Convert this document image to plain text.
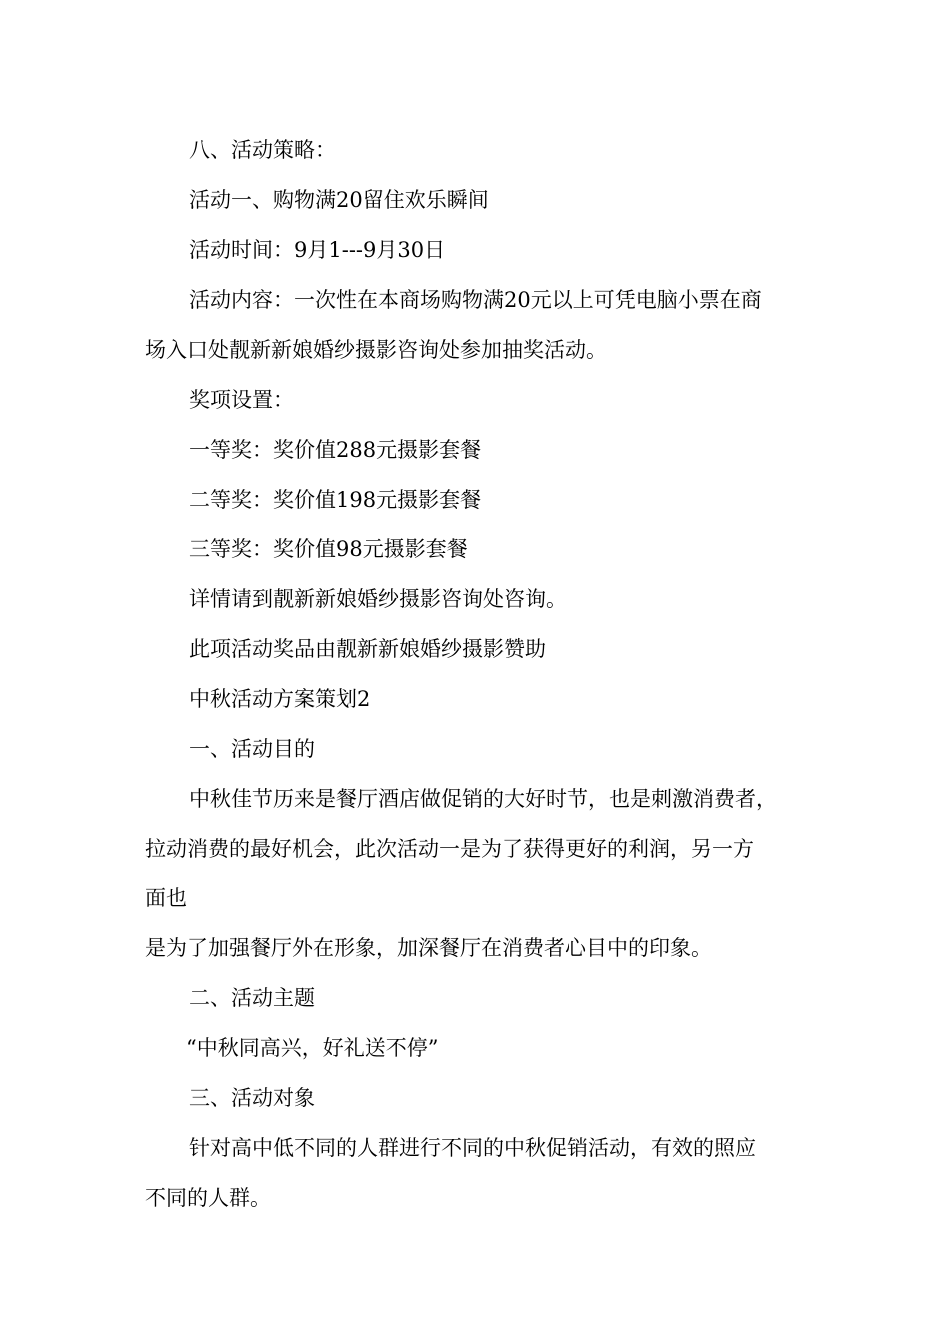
八、活动策略：
活动一、购物满20留住欢乐瞬间
活动时间：9月1---9月30日
活动内容：一次性在本商场购物满20元以上可凭电脑小票在商
场入口处靓新新娘婚纱摄影咨询处参加抽奖活动。
奖项设置：
一等奖：奖价值288元摄影套餐
二等奖：奖价值198元摄影套餐
三等奖：奖价值98元摄影套餐
详情请到靓新新娘婚纱摄影咨询处咨询。
此项活动奖品由靓新新娘婚纱摄影赞助
中秋活动方案策划2
一、活动目的
中秋佳节历来是餐厅酒店做促销的大好时节，也是刺激消费者，
拉动消费的最好机会，此次活动一是为了获得更好的利润，另一方
面也
是为了加强餐厅外在形象，加深餐厅在消费者心目中的印象。
二、活动主题
“中秋同高兴，好礼送不停”
三、活动对象
针对高中低不同的人群进行不同的中秋促销活动，有效的照应
不同的人群。
